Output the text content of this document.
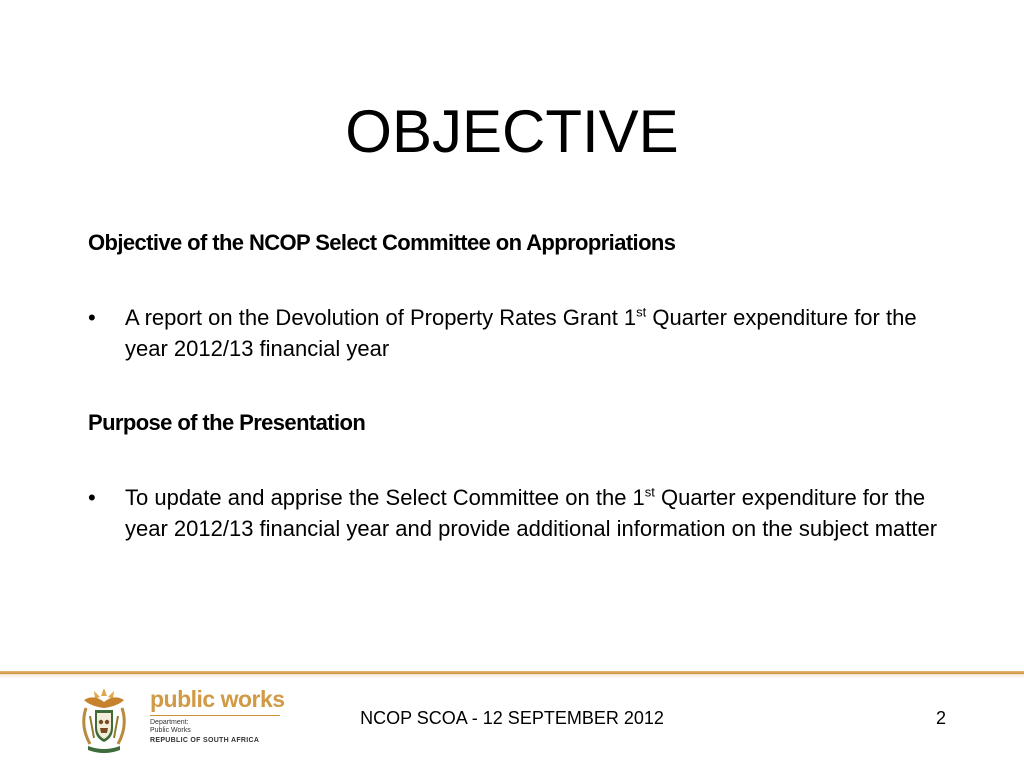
OBJECTIVE

Objective of the NCOP Select Committee on Appropriations

•	A report on the Devolution of Property Rates Grant 1st Quarter expenditure for the year 2012/13 financial year

Purpose of the Presentation

•	To update and apprise the Select Committee on the 1st Quarter expenditure for the year 2012/13 financial year and provide additional information on the subject matter
public works
Department:
Public Works
REPUBLIC OF SOUTH AFRICA
NCOP SCOA - 12 SEPTEMBER 2012	2
